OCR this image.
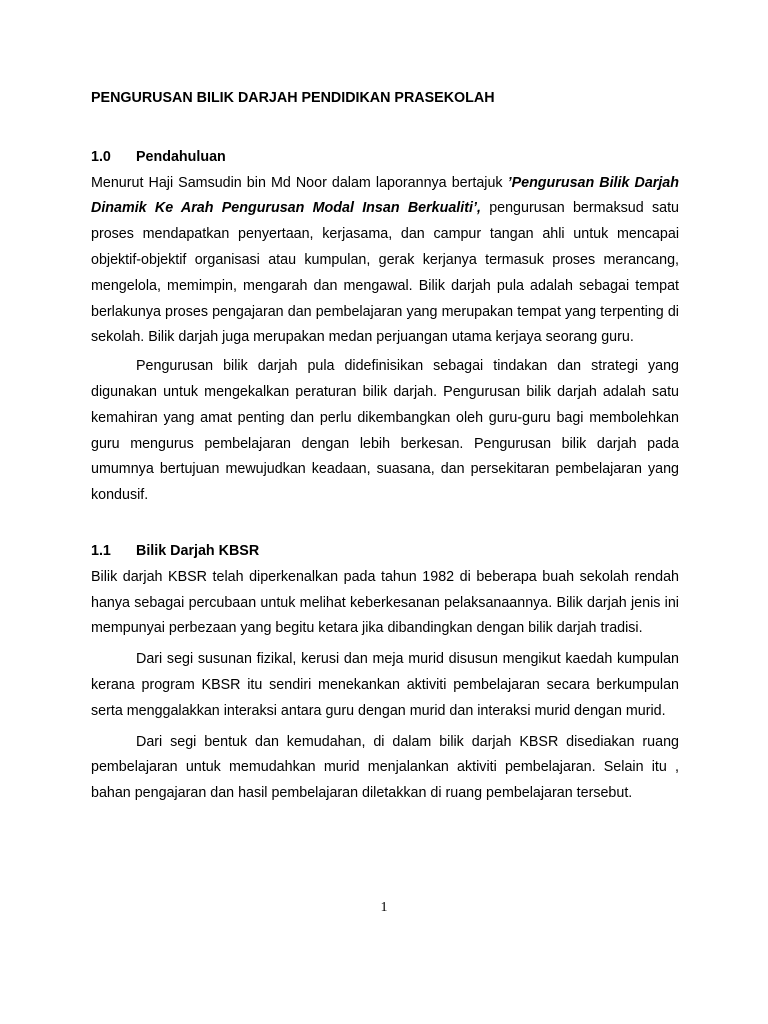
PENGURUSAN BILIK DARJAH PENDIDIKAN PRASEKOLAH
1.0	Pendahuluan

Menurut Haji Samsudin bin Md Noor dalam laporannya bertajuk ’Pengurusan Bilik Darjah Dinamik Ke Arah Pengurusan Modal Insan Berkualiti’, pengurusan bermaksud satu proses mendapatkan penyertaan, kerjasama, dan campur tangan ahli untuk mencapai objektif-objektif organisasi atau kumpulan, gerak kerjanya termasuk proses merancang, mengelola, memimpin, mengarah dan mengawal. Bilik darjah pula adalah sebagai tempat berlakunya proses pengajaran dan pembelajaran yang merupakan tempat yang terpenting di sekolah. Bilik darjah juga merupakan medan perjuangan utama kerjaya seorang guru.

Pengurusan bilik darjah pula didefinisikan sebagai tindakan dan strategi yang digunakan untuk mengekalkan peraturan bilik darjah. Pengurusan bilik darjah adalah satu kemahiran yang amat penting dan perlu dikembangkan oleh guru-guru bagi membolehkan guru mengurus pembelajaran dengan lebih berkesan. Pengurusan bilik darjah pada umumnya bertujuan mewujudkan keadaan, suasana, dan persekitaran pembelajaran yang kondusif.

1.1	Bilik Darjah KBSR

Bilik darjah KBSR telah diperkenalkan pada tahun 1982 di beberapa buah sekolah rendah hanya sebagai percubaan untuk melihat keberkesanan pelaksanaannya. Bilik darjah jenis ini mempunyai perbezaan yang begitu ketara jika dibandingkan dengan bilik darjah tradisi.

Dari segi susunan fizikal, kerusi dan meja murid disusun mengikut kaedah kumpulan kerana program KBSR itu sendiri menekankan aktiviti pembelajaran secara berkumpulan serta menggalakkan interaksi antara guru dengan murid dan interaksi murid dengan murid.

Dari segi bentuk dan kemudahan, di dalam bilik darjah KBSR disediakan ruang pembelajaran untuk memudahkan murid menjalankan aktiviti pembelajaran. Selain itu , bahan pengajaran dan hasil pembelajaran diletakkan di ruang pembelajaran tersebut.

1
